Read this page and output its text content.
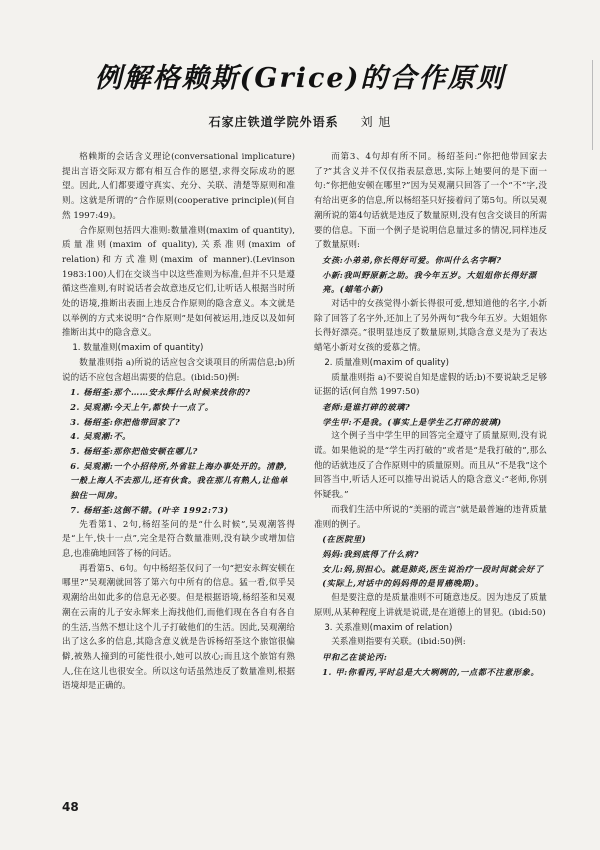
例解格赖斯(Grice)的合作原则
石家庄铁道学院外语系 刘 旭

格赖斯的会话含义理论(conversational implicature)提出言语交际双方都有相互合作的愿望,求得交际成功的愿望。因此,人们都要遵守真实、充分、关联、清楚等原则和准则。这就是所谓的“合作原则(cooperative principle)(何自然 1997:49)。

合作原则包括四大准则:数量准则(maxim of quantity),质量准则(maxim of quality),关系准则(maxim of relation)和方式准则(maxim of manner).(Levinson 1983:100)人们在交谈当中以这些准则为标准,但并不只是遵循这些准则,有时说话者会故意违反它们,让听话人根据当时所处的语境,推断出表面上违反合作原则的隐含意义。本文就是以举例的方式来说明“合作原则”是如何被运用,违反以及如何推断出其中的隐含意义。

1. 数量准则(maxim of quantity)

数量准则指 a)所说的话应包含交谈项目的所需信息;b)所说的话不应包含超出需要的信息。(ibid:50)例:

1. 杨绍荃:那个……安永辉什么时候来找你的?

2. 吴观潮:今天上午,都快十一点了。

3. 杨绍荃:你把他带回家了?

4. 吴观潮:不。

5. 杨绍荃:那你把他安顿在哪儿?

6. 吴观潮:一个小招待所,外省驻上海办事处开的。清静,一般上海人不去那儿,还有伙食。我在那儿有熟人,让他单独住一间房。

7. 杨绍荃:这倒不错。(叶辛 1992:73)

先看第1、2句,杨绍荃问的是“什么时候”,吴观潮答得是“上午,快十一点”,完全是符合数量准则,没有缺少或增加信息,也准确地回答了杨的问话。

再看第5、6句。句中杨绍荃仅问了一句“把安永辉安顿在哪里?”吴观潮就回答了第六句中所有的信息。猛一看,似乎吴观潮给出如此多的信息无必要。但是根据语境,杨绍荃和吴观潮在云南的儿子安永辉来上海找他们,而他们现在各自有各自的生活,当然不想让这个儿子打破他们的生活。因此,吴观潮给出了这么多的信息,其隐含意义就是告诉杨绍荃这个旅馆很偏僻,被熟人撞到的可能性很小,她可以放心;而且这个旅馆有熟人,住在这儿也很安全。所以这句话虽然违反了数量准则,根据语境却是正确的。

而第3、4句却有所不同。杨绍荃问:“你把他带回家去了?”其含义并不仅仅指表层意思,实际上她要问的是下面一句:“你把他安顿在哪里?”因为吴观潮只回答了一个“不”字,没有给出更多的信息,所以杨绍荃只好接着问了第5句。所以吴观潮所说的第4句话就是违反了数量原则,没有包含交谈目的所需要的信息。下面一个例子是说明信息量过多的情况,同样违反了数量原则:

女孩:小弟弟,你长得好可爱。你叫什么名字啊?

小新:我叫野原新之助。我今年五岁。大姐姐你长得好漂亮。(蜡笔小新)

对话中的女孩觉得小新长得很可爱,想知道他的名字,小新除了回答了名字外,还加上了另外两句“我今年五岁。大姐姐你长得好漂亮。”很明显违反了数量原则,其隐含意义是为了表达蜡笔小新对女孩的爱慕之情。

2. 质量准则(maxim of quality)

质量准则指 a)不要说自知是虚假的话;b)不要说缺乏足够证据的话(何自然 1997:50)

老师:是谁打碎的玻璃?

学生甲:不是我。(事实上是学生乙打碎的玻璃)

这个例子当中学生甲的回答完全遵守了质量原则,没有说谎。如果他说的是“学生丙打破的”或者是“是我打破的”,那么他的话就违反了合作原则中的质量原则。而且从“不是我”这个回答当中,听话人还可以推导出说话人的隐含意义:“老师,你别怀疑我。”

而我们生活中所说的“美丽的谎言”就是最普遍的违背质量准则的例子。

(在医院里)

妈妈:我到底得了什么病?

女儿:妈,别担心。就是肺炎,医生说治疗一段时间就会好了(实际上,对话中的妈妈得的是胃癌晚期)。

但是要注意的是质量准则不可随意违反。因为违反了质量原则,从某种程度上讲就是说谎,是在道德上的冒犯。(ibid:50)

3. 关系准则(maxim of relation)

关系准则指要有关联。(ibid:50)例:

甲和乙在谈论丙:

1. 甲:你看丙,平时总是大大咧咧的,一点都不注意形象。

48
